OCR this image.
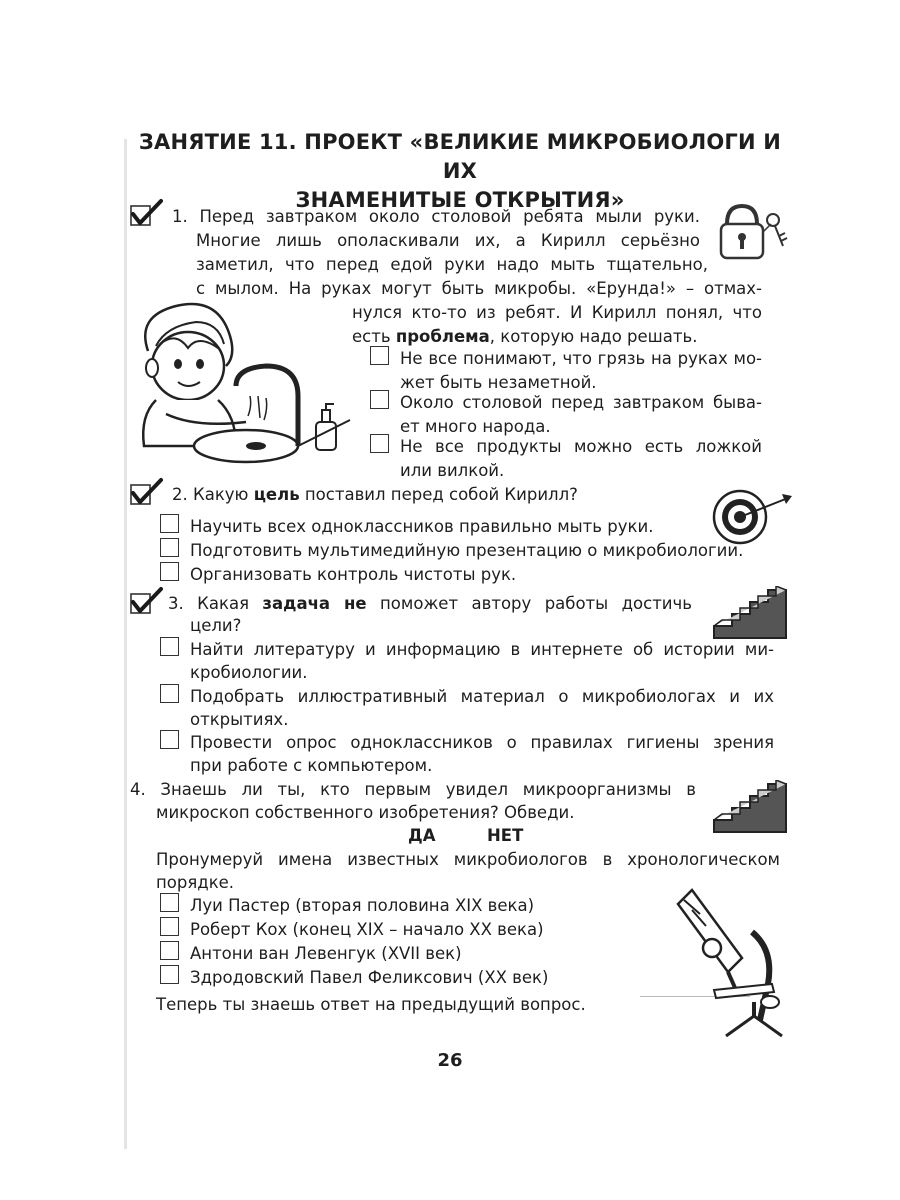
ЗАНЯТИЕ 11. ПРОЕКТ «ВЕЛИКИЕ МИКРОБИОЛОГИ И ИХ
ЗНАМЕНИТЫЕ ОТКРЫТИЯ»
1. Перед завтраком около столовой ребята мыли руки.
Многие лишь ополаскивали их, а Кирилл серьёзно
заметил, что перед едой руки надо мыть тщательно,
с мылом. На руках могут быть микробы. «Ерунда!» – отмах-
нулся кто-то из ребят. И Кирилл понял, что
есть проблема, которую надо решать.
Не все понимают, что грязь на руках мо-
жет быть незаметной.
Около столовой перед завтраком быва-
ет много народа.
Не все продукты можно есть ложкой
или вилкой.
2. Какую цель поставил перед собой Кирилл?
Научить всех одноклассников правильно мыть руки.
Подготовить мультимедийную презентацию о микробиологии.
Организовать контроль чистоты рук.
3. Какая задача не поможет автору работы достичь
цели?
Найти литературу и информацию в интернете об истории ми-
кробиологии.
Подобрать иллюстративный материал о микробиологах и их
открытиях.
Провести опрос одноклассников о правилах гигиены зрения
при работе с компьютером.
4. Знаешь ли ты, кто первым увидел микроорганизмы в
микроскоп собственного изобретения? Обведи.
ДА	НЕТ
Пронумеруй имена известных микробиологов в хронологическом
порядке.
Луи Пастер (вторая половина XIX века)
Роберт Кох (конец XIX – начало XX века)
Антони ван Левенгук (XVII век)
Здродовский Павел Феликсович (XX век)
Теперь ты знаешь ответ на предыдущий вопрос.
26
